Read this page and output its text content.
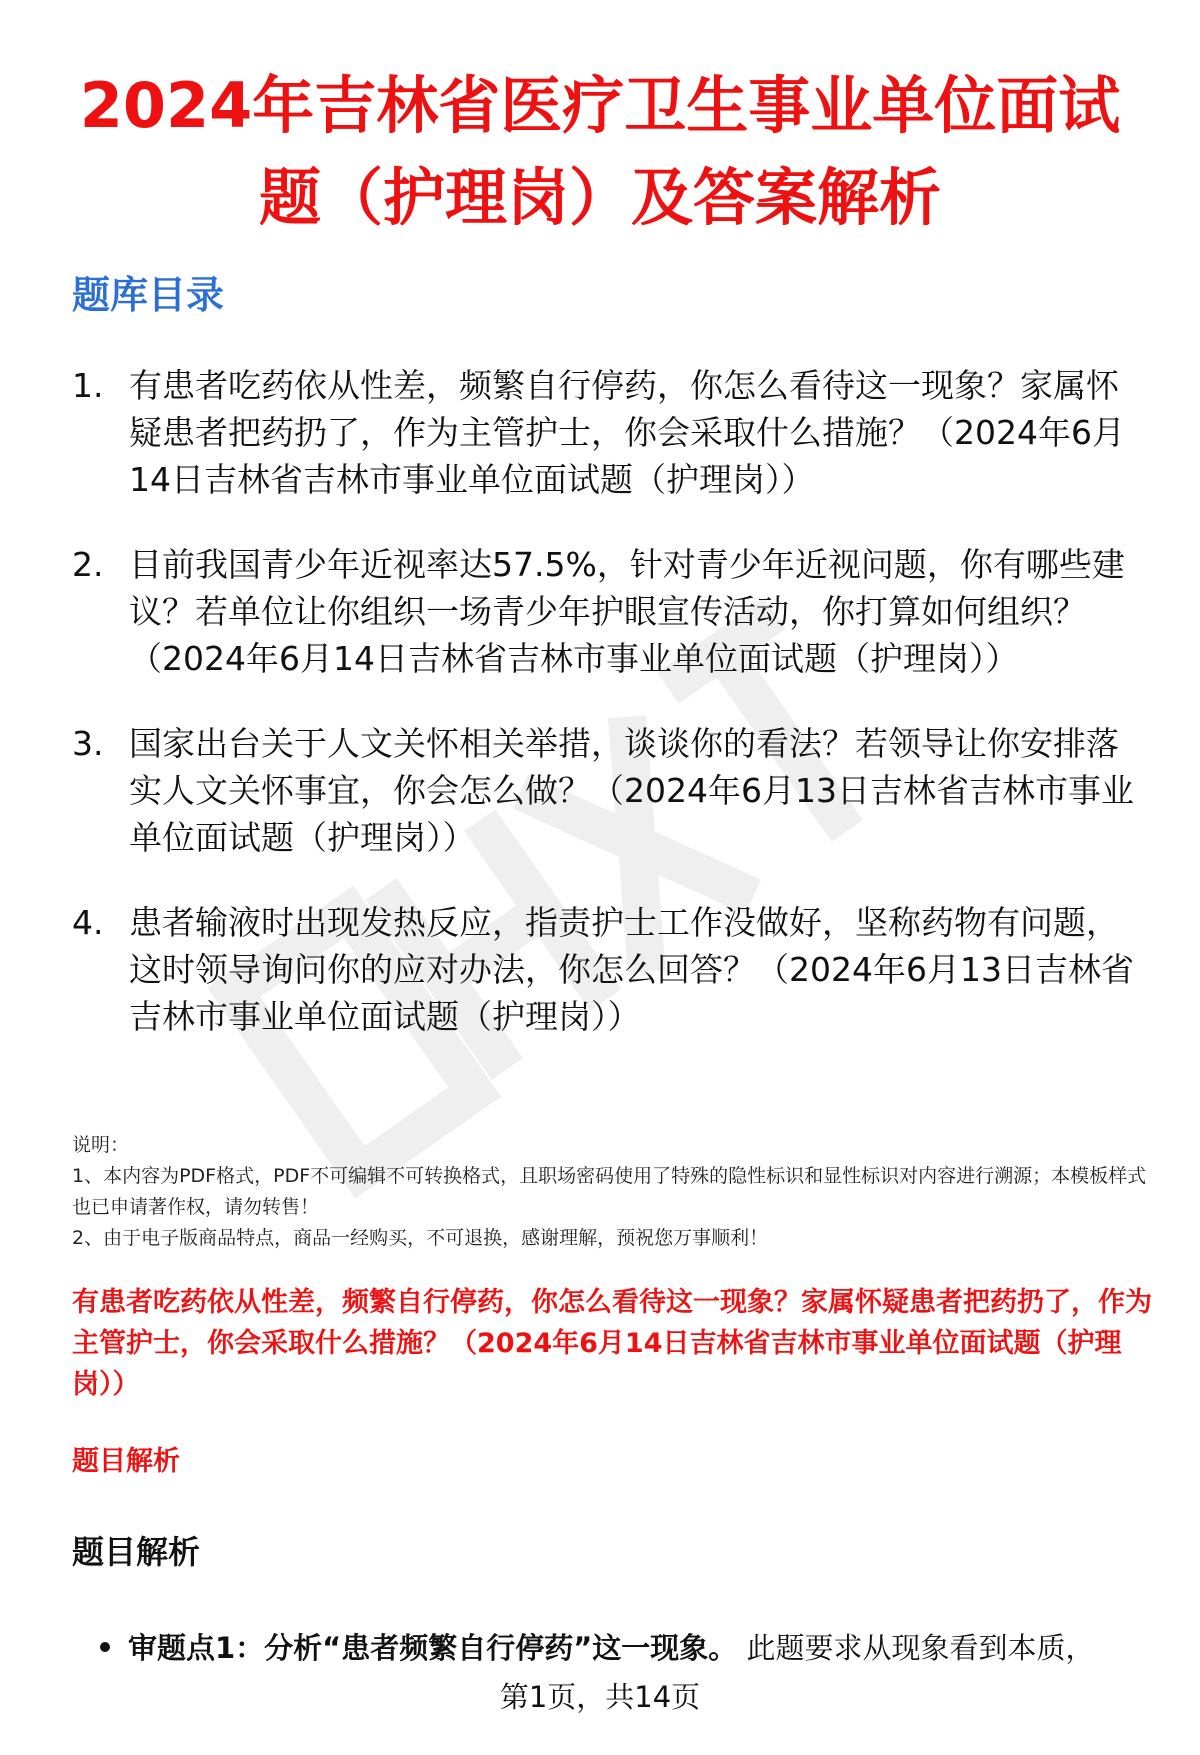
2024年吉林省医疗卫生事业单位面试题（护理岗）及答案解析
题库目录
1. 有患者吃药依从性差，频繁自行停药，你怎么看待这一现象？家属怀疑患者把药扔了，作为主管护士，你会采取什么措施？（2024年6月14日吉林省吉林市事业单位面试题（护理岗））
2. 目前我国青少年近视率达57.5%，针对青少年近视问题，你有哪些建议？若单位让你组织一场青少年护眼宣传活动，你打算如何组织？（2024年6月14日吉林省吉林市事业单位面试题（护理岗））
3. 国家出台关于人文关怀相关举措，谈谈你的看法？若领导让你安排落实人文关怀事宜，你会怎么做？（2024年6月13日吉林省吉林市事业单位面试题（护理岗））
4. 患者输液时出现发热反应，指责护士工作没做好，坚称药物有问题，这时领导询问你的应对办法，你怎么回答？（2024年6月13日吉林省吉林市事业单位面试题（护理岗））

说明：

1、本内容为PDF格式，PDF不可编辑不可转换格式，且职场密码使用了特殊的隐性标识和显性标识对内容进行溯源；本模板样式也已申请著作权，请勿转售！

2、由于电子版商品特点，商品一经购买，不可退换，感谢理解，预祝您万事顺利！

有患者吃药依从性差，频繁自行停药，你怎么看待这一现象？家属怀疑患者把药扔了，作为主管护士，你会采取什么措施？（2024年6月14日吉林省吉林市事业单位面试题（护理岗））

题目解析

题目解析

审题点1：分析“患者频繁自行停药”这一现象。 此题要求从现象看到本质，
第1页，共14页
